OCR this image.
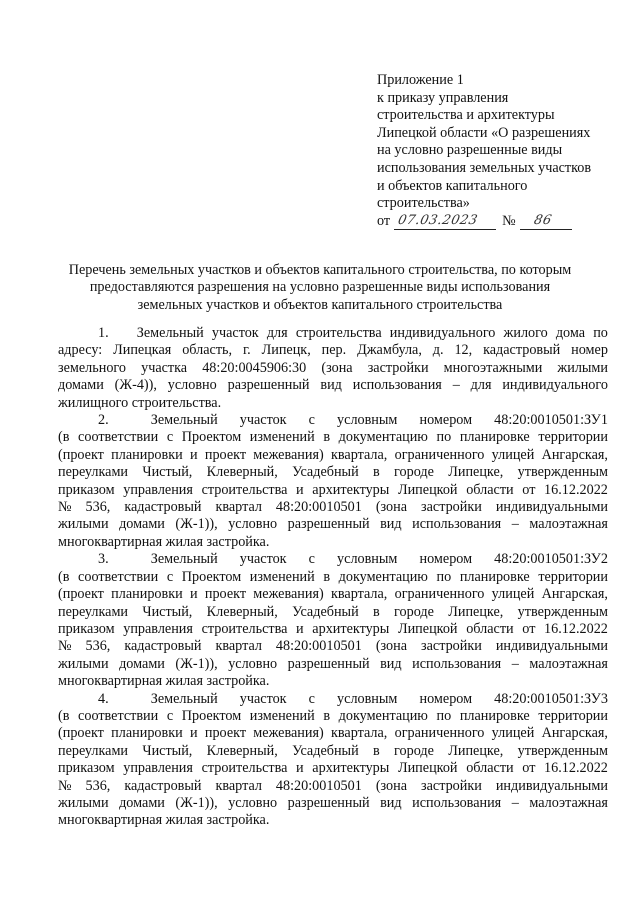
Приложение 1
к приказу управления
строительства и архитектуры
Липецкой области «О разрешениях
на условно разрешенные виды
использования земельных участков
и объектов капитального
строительства»
от 07.03.2023 № 86
Перечень земельных участков и объектов капитального строительства, по которым
предоставляются разрешения на условно разрешенные виды использования
земельных участков и объектов капитального строительства
1. Земельный участок для строительства индивидуального жилого дома по
адресу: Липецкая область, г. Липецк, пер. Джамбула, д. 12, кадастровый номер
земельного участка 48:20:0045906:30 (зона застройки многоэтажными жилыми
домами (Ж-4)), условно разрешенный вид использования – для индивидуального
жилищного строительства.
2.	Земельный участок с условным номером 48:20:0010501:ЗУ1
(в соответствии с Проектом изменений в документацию по планировке территории
(проект планировки и проект межевания) квартала, ограниченного улицей Ангарская,
переулками Чистый, Клеверный, Усадебный в городе Липецке, утвержденным
приказом управления строительства и архитектуры Липецкой области от 16.12.2022
№ 536, кадастровый квартал 48:20:0010501 (зона застройки индивидуальными
жилыми домами (Ж-1)), условно разрешенный вид использования – малоэтажная
многоквартирная жилая застройка.
3.	Земельный участок с условным номером 48:20:0010501:ЗУ2
(в соответствии с Проектом изменений в документацию по планировке территории
(проект планировки и проект межевания) квартала, ограниченного улицей Ангарская,
переулками Чистый, Клеверный, Усадебный в городе Липецке, утвержденным
приказом управления строительства и архитектуры Липецкой области от 16.12.2022
№ 536, кадастровый квартал 48:20:0010501 (зона застройки индивидуальными
жилыми домами (Ж-1)), условно разрешенный вид использования – малоэтажная
многоквартирная жилая застройка.
4.	Земельный участок с условным номером 48:20:0010501:ЗУ3
(в соответствии с Проектом изменений в документацию по планировке территории
(проект планировки и проект межевания) квартала, ограниченного улицей Ангарская,
переулками Чистый, Клеверный, Усадебный в городе Липецке, утвержденным
приказом управления строительства и архитектуры Липецкой области от 16.12.2022
№ 536, кадастровый квартал 48:20:0010501 (зона застройки индивидуальными
жилыми домами (Ж-1)), условно разрешенный вид использования – малоэтажная
многоквартирная жилая застройка.
